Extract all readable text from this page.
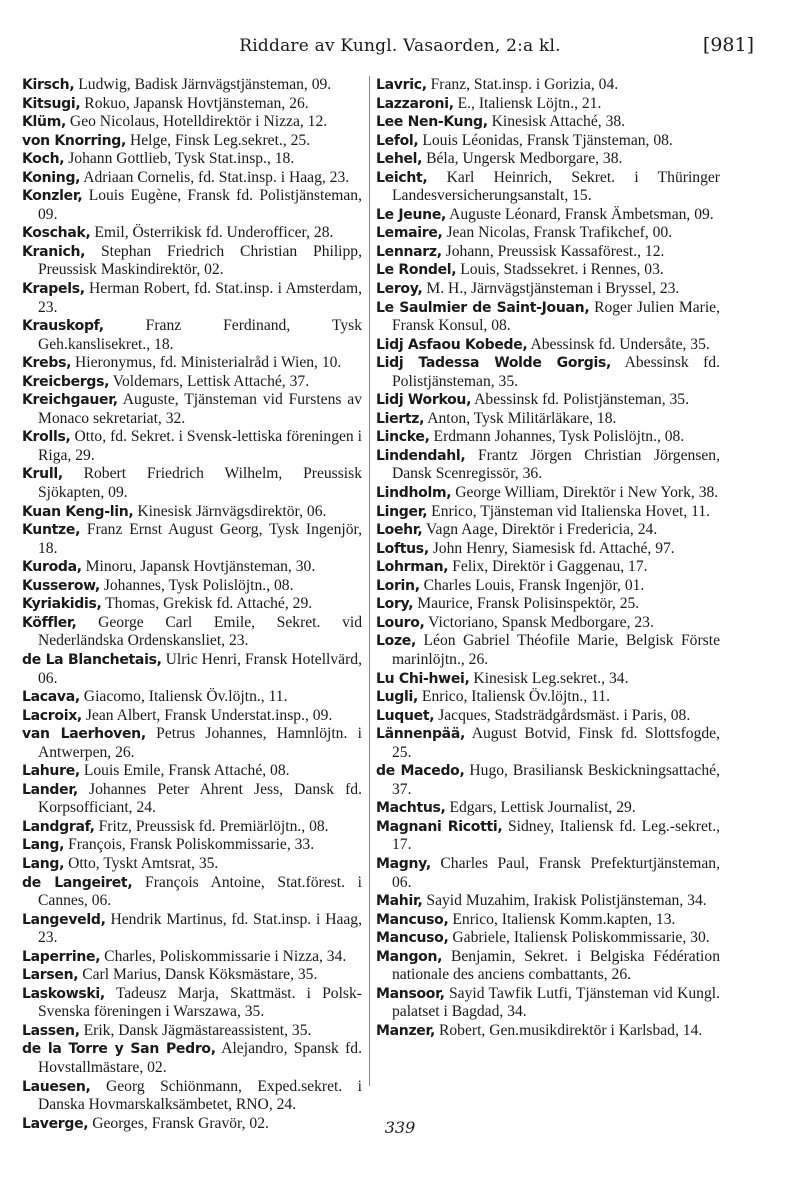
Riddare av Kungl. Vasaorden, 2:a kl.	[981]

Kirsch, Ludwig, Badisk Järnvägstjänsteman, 09.

Kitsugi, Rokuo, Japansk Hovtjänsteman, 26.

Klüm, Geo Nicolaus, Hotelldirektör i Nizza, 12.

von Knorring, Helge, Finsk Leg.sekret., 25.

Koch, Johann Gottlieb, Tysk Stat.insp., 18.

Koning, Adriaan Cornelis, fd. Stat.insp. i Haag, 23.

Konzler, Louis Eugène, Fransk fd. Polistjänsteman, 09.

Koschak, Emil, Österrikisk fd. Underofficer, 28.

Kranich, Stephan Friedrich Christian Philipp, Preussisk Maskindirektör, 02.

Krapels, Herman Robert, fd. Stat.insp. i Amsterdam, 23.

Krauskopf, Franz Ferdinand, Tysk Geh.kanslisekret., 18.

Krebs, Hieronymus, fd. Ministerialråd i Wien, 10.

Kreicbergs, Voldemars, Lettisk Attaché, 37.

Kreichgauer, Auguste, Tjänsteman vid Furstens av Monaco sekretariat, 32.

Krolls, Otto, fd. Sekret. i Svensk-lettiska föreningen i Riga, 29.

Krull, Robert Friedrich Wilhelm, Preussisk Sjökapten, 09.

Kuan Keng-lin, Kinesisk Järnvägsdirektör, 06.

Kuntze, Franz Ernst August Georg, Tysk Ingenjör, 18.

Kuroda, Minoru, Japansk Hovtjänsteman, 30.

Kusserow, Johannes, Tysk Polislöjtn., 08.

Kyriakidis, Thomas, Grekisk fd. Attaché, 29.

Köffler, George Carl Emile, Sekret. vid Nederländska Ordenskansliet, 23.

de La Blanchetais, Ulric Henri, Fransk Hotellvärd, 06.

Lacava, Giacomo, Italiensk Öv.löjtn., 11.

Lacroix, Jean Albert, Fransk Understat.insp., 09.

van Laerhoven, Petrus Johannes, Hamnlöjtn. i Antwerpen, 26.

Lahure, Louis Emile, Fransk Attaché, 08.

Lander, Johannes Peter Ahrent Jess, Dansk fd. Korpsofficiant, 24.

Landgraf, Fritz, Preussisk fd. Premiärlöjtn., 08.

Lang, François, Fransk Poliskommissarie, 33.

Lang, Otto, Tyskt Amtsrat, 35.

de Langeiret, François Antoine, Stat.förest. i Cannes, 06.

Langeveld, Hendrik Martinus, fd. Stat.insp. i Haag, 23.

Laperrine, Charles, Poliskommissarie i Nizza, 34.

Larsen, Carl Marius, Dansk Köksmästare, 35.

Laskowski, Tadeusz Marja, Skattmäst. i Polsk-Svenska föreningen i Warszawa, 35.

Lassen, Erik, Dansk Jägmästareassistent, 35.

de la Torre y San Pedro, Alejandro, Spansk fd. Hovstallmästare, 02.

Lauesen, Georg Schiönmann, Exped.sekret. i Danska Hovmarskalksämbetet, RNO, 24.

Laverge, Georges, Fransk Gravör, 02.

Lavric, Franz, Stat.insp. i Gorizia, 04.

Lazzaroni, E., Italiensk Löjtn., 21.

Lee Nen-Kung, Kinesisk Attaché, 38.

Lefol, Louis Léonidas, Fransk Tjänsteman, 08.

Lehel, Béla, Ungersk Medborgare, 38.

Leicht, Karl Heinrich, Sekret. i Thüringer Landesversicherungsanstalt, 15.

Le Jeune, Auguste Léonard, Fransk Ämbetsman, 09.

Lemaire, Jean Nicolas, Fransk Trafikchef, 00.

Lennarz, Johann, Preussisk Kassaförest., 12.

Le Rondel, Louis, Stadssekret. i Rennes, 03.

Leroy, M. H., Järnvägstjänsteman i Bryssel, 23.

Le Saulmier de Saint-Jouan, Roger Julien Marie, Fransk Konsul, 08.

Lidj Asfaou Kobede, Abessinsk fd. Undersåte, 35.

Lidj Tadessa Wolde Gorgis, Abessinsk fd. Polistjänsteman, 35.

Lidj Workou, Abessinsk fd. Polistjänsteman, 35.

Liertz, Anton, Tysk Militärläkare, 18.

Lincke, Erdmann Johannes, Tysk Polislöjtn., 08.

Lindendahl, Frantz Jörgen Christian Jörgensen, Dansk Scenregissör, 36.

Lindholm, George William, Direktör i New York, 38.

Linger, Enrico, Tjänsteman vid Italienska Hovet, 11.

Loehr, Vagn Aage, Direktör i Fredericia, 24.

Loftus, John Henry, Siamesisk fd. Attaché, 97.

Lohrman, Felix, Direktör i Gaggenau, 17.

Lorin, Charles Louis, Fransk Ingenjör, 01.

Lory, Maurice, Fransk Polisinspektör, 25.

Louro, Victoriano, Spansk Medborgare, 23.

Loze, Léon Gabriel Théofile Marie, Belgisk Förste marinlöjtn., 26.

Lu Chi-hwei, Kinesisk Leg.sekret., 34.

Lugli, Enrico, Italiensk Öv.löjtn., 11.

Luquet, Jacques, Stadsträdgårdsmäst. i Paris, 08.

Lännenpää, August Botvid, Finsk fd. Slottsfogde, 25.

de Macedo, Hugo, Brasiliansk Beskickningsattaché, 37.

Machtus, Edgars, Lettisk Journalist, 29.

Magnani Ricotti, Sidney, Italiensk fd. Leg.-sekret., 17.

Magny, Charles Paul, Fransk Prefekturtjänsteman, 06.

Mahir, Sayid Muzahim, Irakisk Polistjänsteman, 34.

Mancuso, Enrico, Italiensk Komm.kapten, 13.

Mancuso, Gabriele, Italiensk Poliskommissarie, 30.

Mangon, Benjamin, Sekret. i Belgiska Fédération nationale des anciens combattants, 26.

Mansoor, Sayid Tawfik Lutfi, Tjänsteman vid Kungl. palatset i Bagdad, 34.

Manzer, Robert, Gen.musikdirektör i Karlsbad, 14.

339
